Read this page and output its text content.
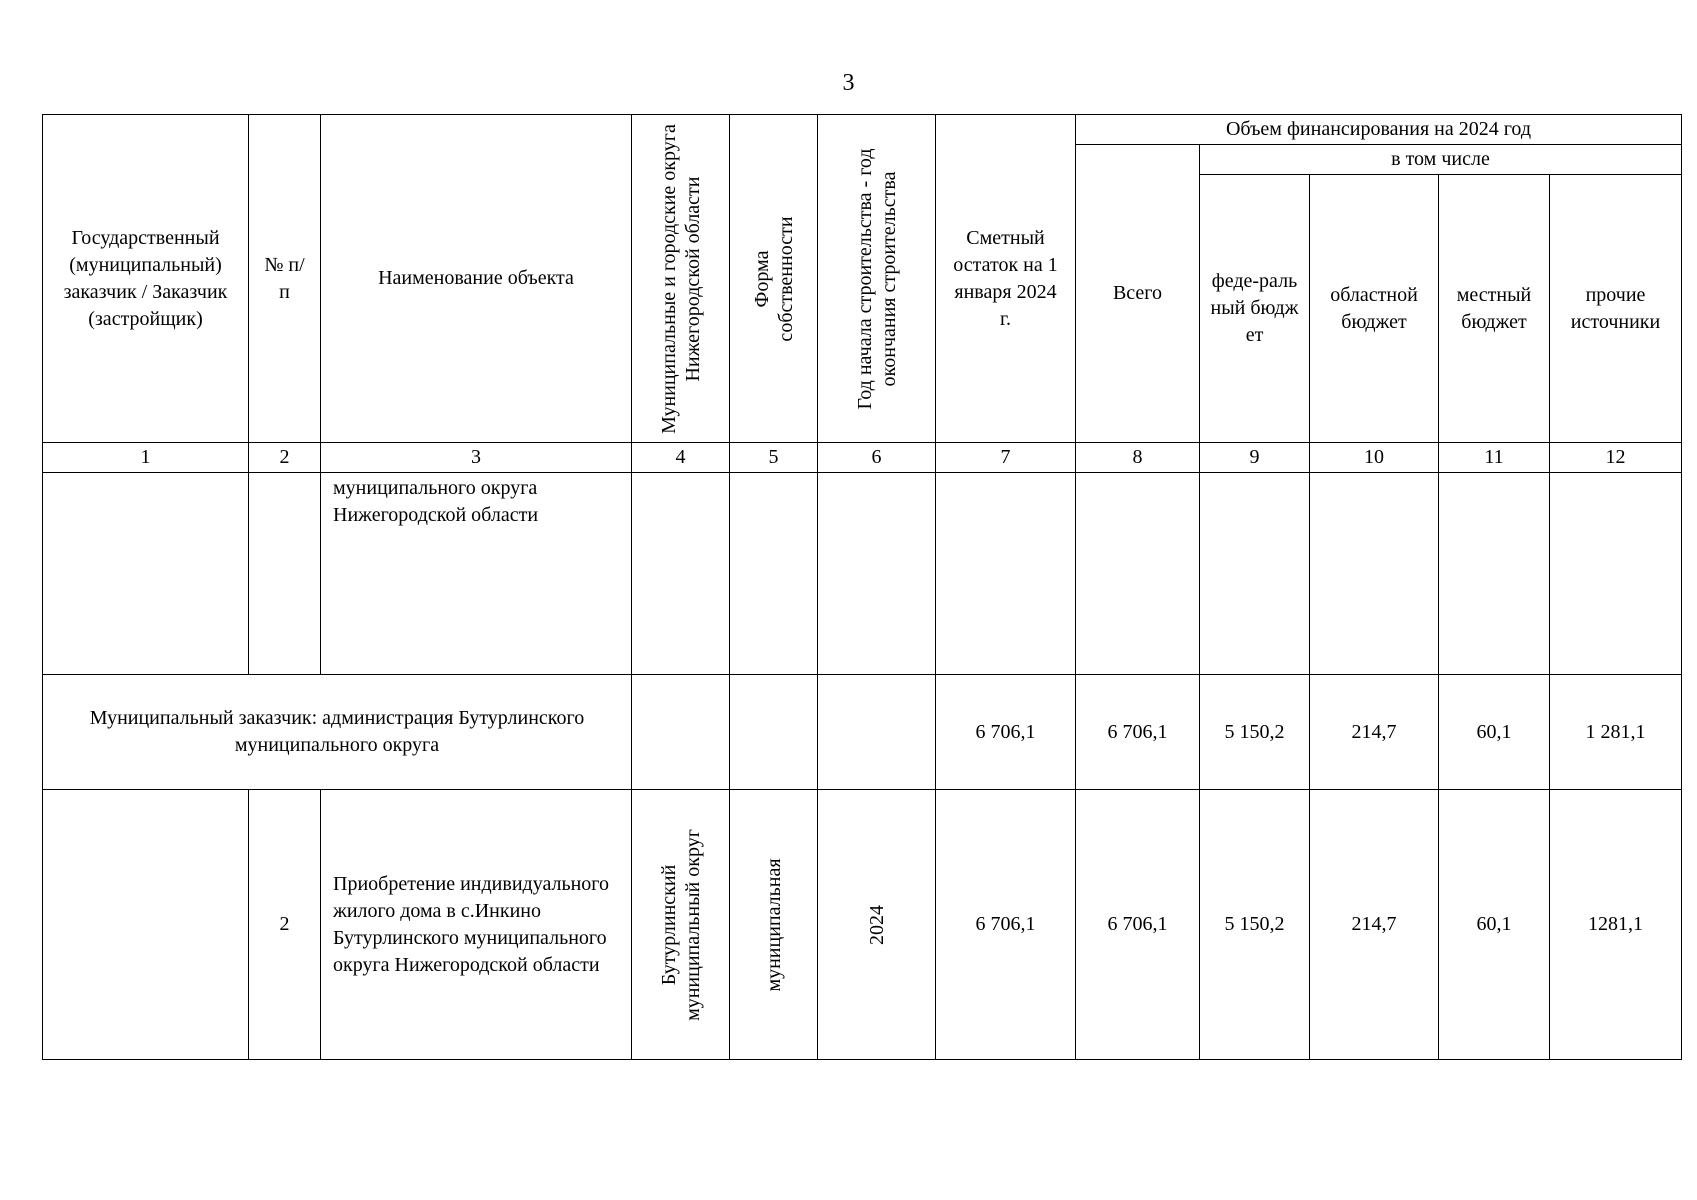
3
Государственный (муниципальный) заказчик / Заказчик (застройщик)	№ п/п	Наименование объекта	Муниципальные и городские округа Нижегородской области	Форма собственности	Год начала строительства - год окончания строительства	Сметный остаток на 1 января 2024 г.	Объем финансирования на 2024 год				
							Всего	в том числе			
								феде-ральный бюджет	областной бюджет	местный бюджет	прочие источники
1	2	3	4	5	6	7	8	9	10	11	12
		муниципального округа Нижегородской области									
Муниципальный заказчик: администрация Бутурлинского муниципального округа						6 706,1	6 706,1	5 150,2	214,7	60,1	1 281,1
	2	Приобретение индивидуального жилого дома в с.Инкино Бутурлинского муниципального округа Нижегородской области	Бутурлинский муниципальный округ	муниципальная	2024	6 706,1	6 706,1	5 150,2	214,7	60,1	1281,1
